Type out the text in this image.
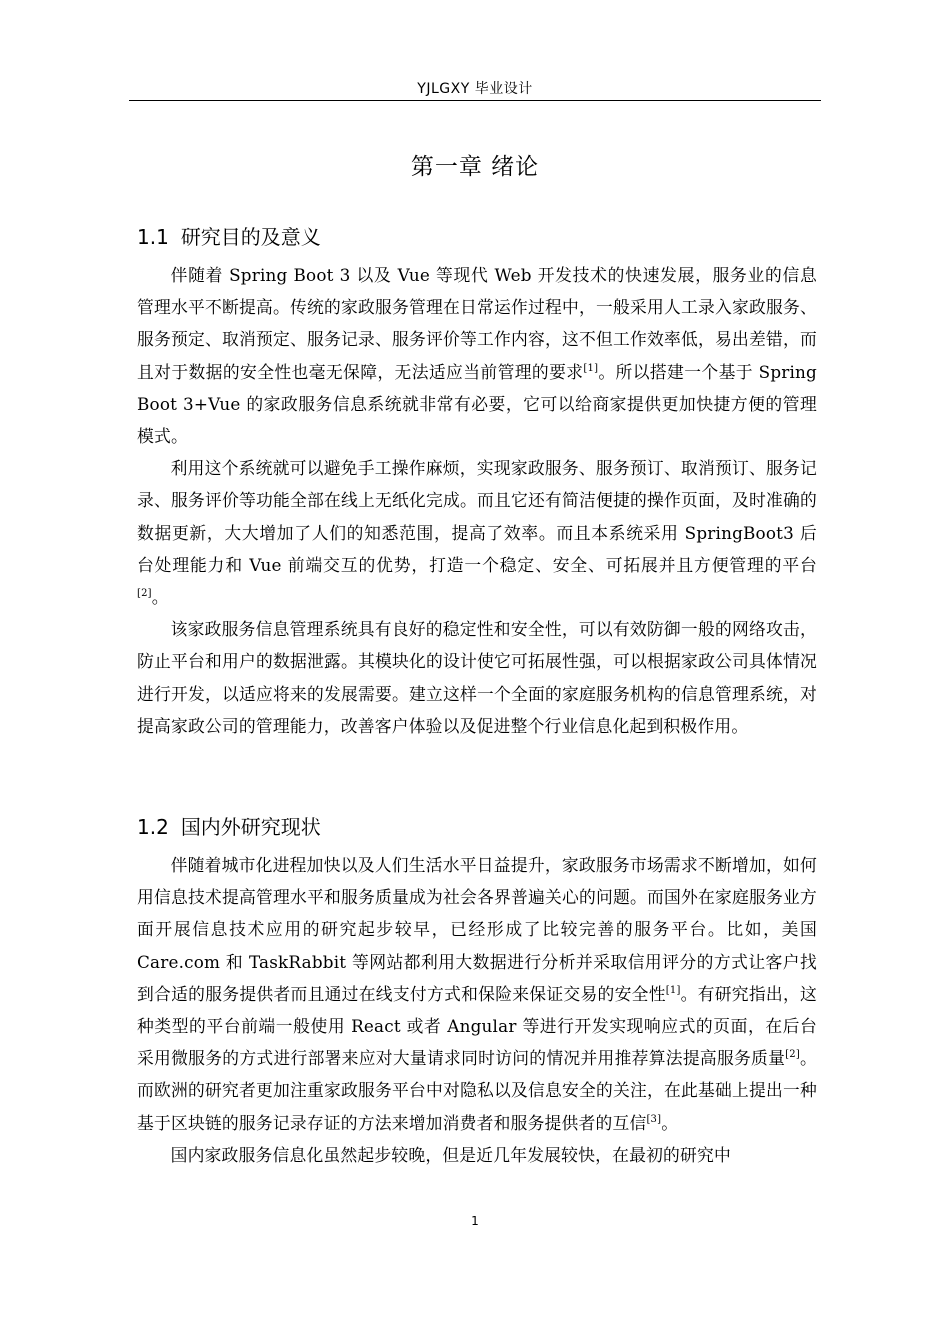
YJLGXY 毕业设计
第一章 绪论
1.1 研究目的及意义

伴随着 Spring Boot 3 以及 Vue 等现代 Web 开发技术的快速发展，服务业的信息管理水平不断提高。传统的家政服务管理在日常运作过程中，一般采用人工录入家政服务、服务预定、取消预定、服务记录、服务评价等工作内容，这不但工作效率低，易出差错，而且对于数据的安全性也毫无保障，无法适应当前管理的要求[1]。所以搭建一个基于 Spring Boot 3+Vue 的家政服务信息系统就非常有必要，它可以给商家提供更加快捷方便的管理模式。

利用这个系统就可以避免手工操作麻烦，实现家政服务、服务预订、取消预订、服务记录、服务评价等功能全部在线上无纸化完成。而且它还有简洁便捷的操作页面，及时准确的数据更新，大大增加了人们的知悉范围，提高了效率。而且本系统采用 SpringBoot3 后台处理能力和 Vue 前端交互的优势，打造一个稳定、安全、可拓展并且方便管理的平台[2]。

该家政服务信息管理系统具有良好的稳定性和安全性，可以有效防御一般的网络攻击，防止平台和用户的数据泄露。其模块化的设计使它可拓展性强，可以根据家政公司具体情况进行开发，以适应将来的发展需要。建立这样一个全面的家庭服务机构的信息管理系统，对提高家政公司的管理能力，改善客户体验以及促进整个行业信息化起到积极作用。

1.2 国内外研究现状

伴随着城市化进程加快以及人们生活水平日益提升，家政服务市场需求不断增加，如何用信息技术提高管理水平和服务质量成为社会各界普遍关心的问题。而国外在家庭服务业方面开展信息技术应用的研究起步较早，已经形成了比较完善的服务平台。比如，美国 Care.com 和 TaskRabbit 等网站都利用大数据进行分析并采取信用评分的方式让客户找到合适的服务提供者而且通过在线支付方式和保险来保证交易的安全性[1]。有研究指出，这种类型的平台前端一般使用 React 或者 Angular 等进行开发实现响应式的页面，在后台采用微服务的方式进行部署来应对大量请求同时访问的情况并用推荐算法提高服务质量[2]。而欧洲的研究者更加注重家政服务平台中对隐私以及信息安全的关注，在此基础上提出一种基于区块链的服务记录存证的方法来增加消费者和服务提供者的互信[3]。

国内家政服务信息化虽然起步较晚，但是近几年发展较快，在最初的研究中

1
